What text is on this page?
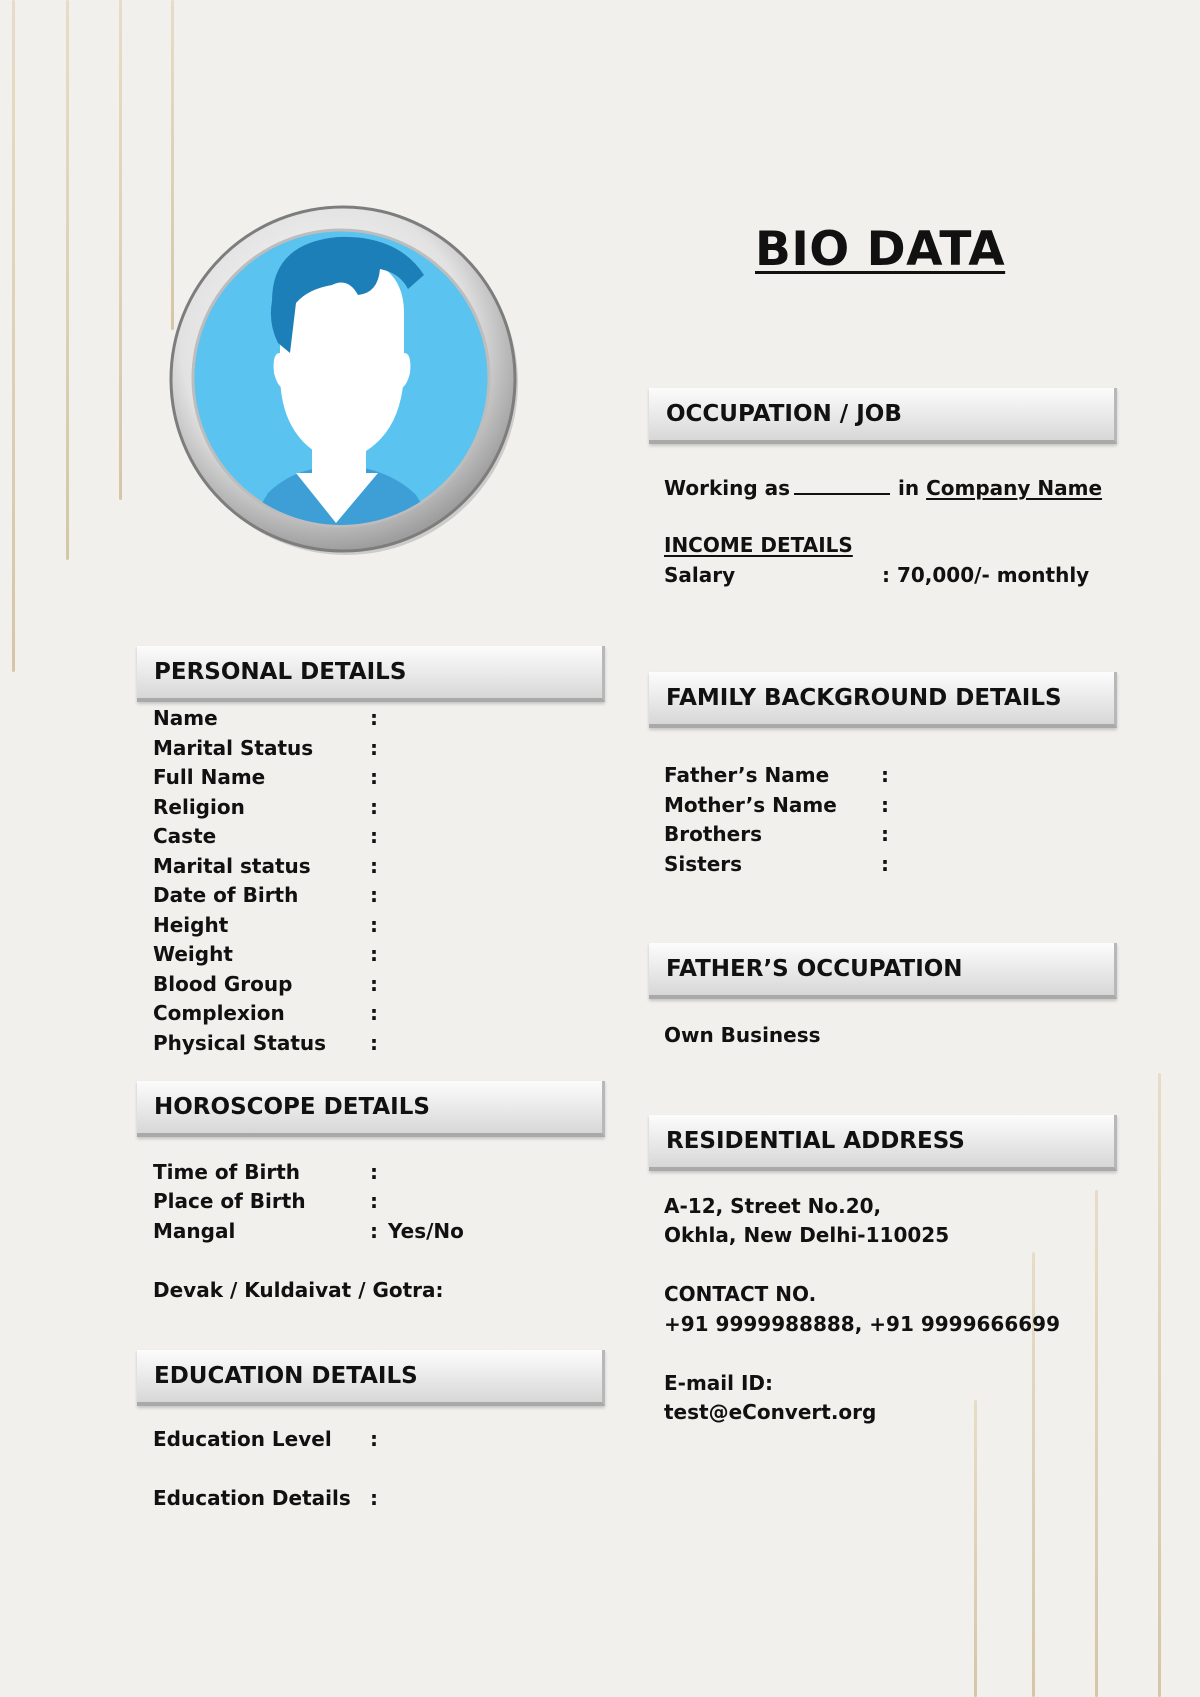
BIO DATA
OCCUPATION / JOB
Working as	in Company Name
INCOME DETAILS
Salary	: 70,000/- monthly
PERSONAL DETAILS
Name	:
Marital Status	:
Full Name	:
Religion	:
Caste	:
Marital status	:
Date of Birth	:
Height	:
Weight	:
Blood Group	:
Complexion	:
Physical Status :
FAMILY BACKGROUND DETAILS
Father’s Name	:
Mother’s Name :
Brothers	:
Sisters	:
FATHER’S OCCUPATION
Own Business
HOROSCOPE DETAILS
Time of Birth	:
Place of Birth	:
Mangal	: Yes/No
Devak / Kuldaivat / Gotra:
RESIDENTIAL ADDRESS
A-12, Street No.20,
Okhla, New Delhi-110025
CONTACT NO.
+91 9999988888, +91 9999666699
E-mail ID:
test@eConvert.org
EDUCATION DETAILS
Education Level :
Education Details :
